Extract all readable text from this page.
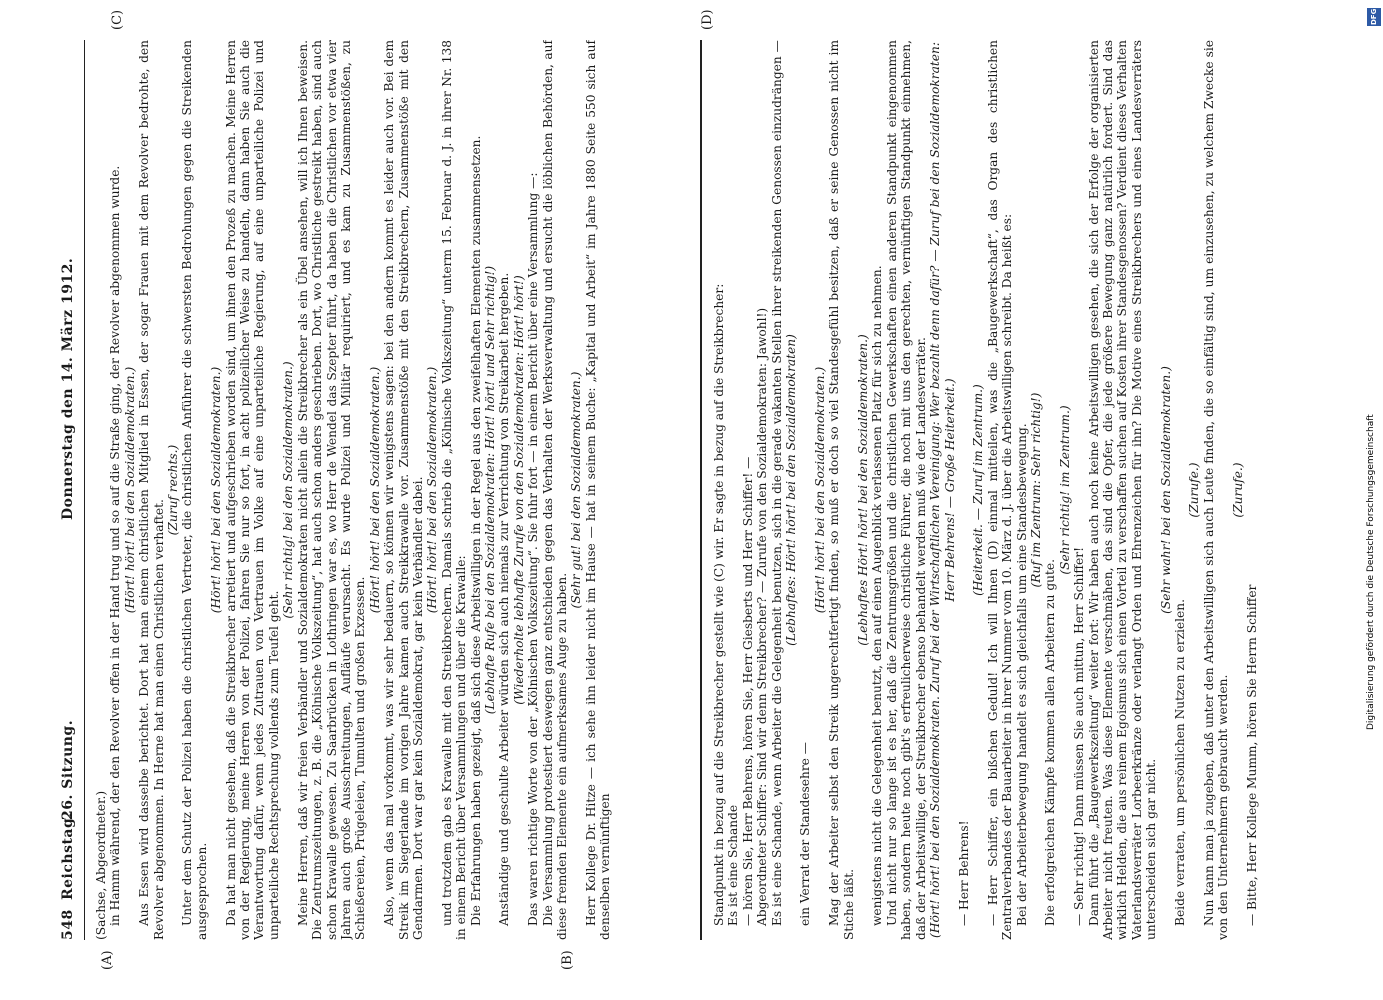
548
Reichstag.
26. Sitzung.
Donnerstag den 14. März 1912.
(A)	(B)
(C)	(D)

(Sachse, Abgeordneter.) in Hamm während, der den Revolver offen in der Hand trug und so auf die Straße ging, der Revolver abgenommen wurde. (Hört! hört! bei den Sozialdemokraten.) Aus Essen wird dasselbe berichtet. Dort hat man einem christlichen Mitglied in Essen, der sogar Frauen mit dem Revolver bedrohte, den Revolver abgenommen. In Herne hat man einen Christlichen verhaftet.

(Zuruf rechts.) Unter dem Schutz der Polizei haben die christlichen Vertreter, die christlichen Anführer die schwersten Bedrohungen gegen die Streikenden ausgesprochen.

(Hört! hört! bei den Sozialdemokraten.) Da hat man nicht gesehen, daß die Streikbrecher arretiert und aufgeschrieben worden sind, um ihnen den Prozeß zu machen. Meine Herren von der Regierung, meine Herren von der Polizei, fahren Sie nur so fort, in acht polizeilicher Weise zu handeln, dann haben Sie auch die Verantwortung dafür, wenn jedes Zutrauen von Vertrauen im Volke auf eine unparteiliche Regierung, auf eine unparteiliche Polizei und unparteiliche Rechtsprechung vollends zum Teufel geht.

(Sehr richtig! bei den Sozialdemokraten.) Meine Herren, daß wir freien Verbändler und Sozialdemokraten nicht allein die Streikbrecher als ein Übel ansehen, will ich Ihnen beweisen. Die Zentrumszeitungen, z. B. die „Kölnische Volkszeitung“, hat auch schon anders geschrieben. Dort, wo Christliche gestreikt haben, sind auch schon Krawalle gewesen. Zu Saarbrücken in Lothringen war es, wo Herr de Wendel das Szepter führt, da haben die Christlichen vor etwa vier Jahren auch große Ausschreitungen, Aufläufe verursacht. Es wurde Polizei und Militär requiriert, und es kam zu Zusammenstößen, zu Schießereien, Prügeleien, Tumulten und großen Exzessen.

(Hört! hört! bei den Sozialdemokraten.) Also, wenn das mal vorkommt, was wir sehr bedauern, so können wir wenigstens sagen: bei den andern kommt es leider auch vor. Bei dem Streik im Siegerlande im vorigen Jahre kamen auch Streikkrawalle vor. Zusammenstöße mit den Streikbrechern, Zusammenstöße mit den Gendarmen. Dort war gar kein Sozialdemokrat, gar kein Verbändler dabei. (Hört! hört! bei den Sozialdemokraten.) und trotzdem gab es Krawalle mit den Streikbrechern. Damals schrieb die „Kölnische Volkszeitung“ unterm 15. Februar d. J. in ihrer Nr. 138 in einem Bericht über Versammlungen und über die Krawalle: Die Erfahrungen haben gezeigt, daß sich diese Arbeitswilligen in der Regel aus den zweifelhaften Elementen zusammensetzen. (Lebhafte Rufe bei den Sozialdemokraten: Hört! hört! und Sehr richtig!) Anständige und geschulte Arbeiter würden sich auch niemals zur Verrichtung von Streikarbeit hergeben. (Wiederholte lebhafte Zurufe von den Sozialdemokraten: Hört! hört!) Das waren richtige Worte von der „Kölnischen Volkszeitung“. Sie fuhr fort — in einem Bericht über eine Versammlung —: Die Versammlung protestiert deswegen ganz entschieden gegen das Verhalten der Werksverwaltung und ersucht die löblichen Behörden, auf diese fremden Elemente ein aufmerksames Auge zu haben.

(Sehr gut! bei den Sozialdemokraten.) Herr Kollege Dr. Hitze — ich sehe ihn leider nicht im Hause — hat in seinem Buche: „Kapital und Arbeit“ im Jahre 1880 Seite 550 sich auf denselben vernünftigen	Standpunkt in bezug auf die Streikbrecher gestellt wie (C) wir. Er sagte in bezug auf die Streikbrecher: Es ist eine Schande — hören Sie, Herr Behrens, hören Sie, Herr Giesberts und Herr Schiffer! — Abgeordneter Schiffer: Sind wir denn Streikbrecher? — Zurufe von den Sozialdemokraten: Jawohl!) Es ist eine Schande, wenn Arbeiter die Gelegenheit benutzen, sich in die gerade vakanten Stellen ihrer streikenden Genossen einzudrängen — (Lebhaftes: Hört! hört! bei den Sozialdemokraten)

ein Verrat der Standesehre —

(Hört! hört! bei den Sozialdemokraten.) Mag der Arbeiter selbst den Streik ungerechtfertigt finden, so muß er doch so viel Standesgefühl besitzen, daß er seine Genossen nicht im Stiche läßt.

(Lebhaftes Hört! hört! bei den Sozialdemokraten.) wenigstens nicht die Gelegenheit benutzt, den auf einen Augenblick verlassenen Platz für sich zu nehmen. Und nicht nur so lange ist es her, daß die Zentrumsgrößen und die christlichen Gewerkschaften einen anderen Standpunkt eingenommen haben, sondern heute noch gibt's erfreulicherweise christliche Führer, die noch mit uns den gerechten, vernünftigen Standpunkt einnehmen, daß der Arbeitswillige, der Streikbrecher ebenso behandelt werden muß wie der Landesverräter. (Hört! hört! bei den Sozialdemokraten. Zuruf bei der Wirtschaftlichen Vereinigung: Wer bezahlt denn dafür? — Zuruf bei den Sozialdemokraten: Herr Behrens! — Große Heiterkeit.)

— Herr Behrens!

(Heiterkeit. — Zuruf im Zentrum.) — Herr Schiffer, ein bißchen Geduld! Ich will Ihnen (D) einmal mitteilen, was die „Baugewerkschaft“, das Organ des christlichen Zentralverbandes der Bauarbeiter in ihrer Nummer vom 10. März d. J. über die Arbeitswilligen schreibt. Da heißt es: Bei der Arbeiterbewegung handelt es sich gleichfalls um eine Standesbewegung. (Ruf im Zentrum: Sehr richtig!)

Die erfolgreichen Kämpfe kommen allen Arbeitern zu gute.

(Sehr richtig! im Zentrum.)

— Sehr richtig! Dann müssen Sie auch mittun, Herr Schiffer! Dann führt die „Baugewerkszeitung“ weiter fort: Wir haben auch noch keine Arbeitswilligen gesehen, die sich der Erfolge der organisierten Arbeiter nicht freuten. Was diese Elemente verschmähen, das sind die Opfer, die jede größere Bewegung ganz natürlich fordert. Sind das wirklich Helden, die aus reinem Egoismus sich einen Vorteil zu verschaffen suchen auf Kosten ihrer Standesgenossen? Verdient dieses Verhalten Vaterlandsverräter Lorbeerkränze oder verlangt Orden und Ehrenzeichen für ihn? Die Motive eines Streikbrechers und eines Landesverräters unterscheiden sich gar nicht.

(Sehr wahr! bei den Sozialdemokraten.)

Beide verraten, um persönlichen Nutzen zu erzielen.

(Zurufe.) Nun kann man ja zugeben, daß unter den Arbeitswilligen sich auch Leute finden, die so einfältig sind, um einzusehen, zu welchem Zwecke sie von den Unternehmern gebraucht werden.

(Zurufe.)

— Bitte, Herr Kollege Mumm, hören Sie Herrn Schiffer

DFG
Digitalisierung gefördert durch die Deutsche Forschungsgemeinschaft
